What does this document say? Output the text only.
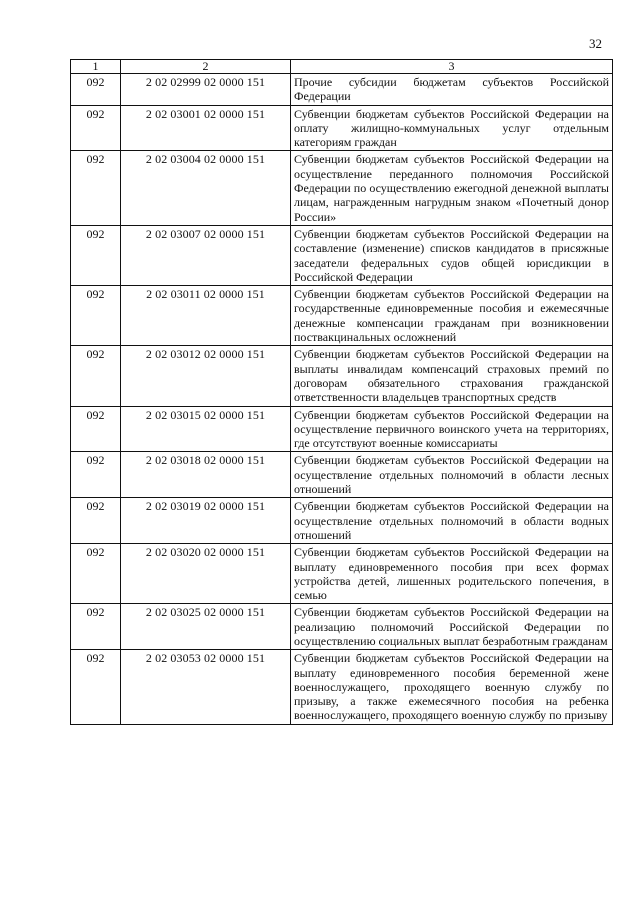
32
1	2	3
092	2 02 02999 02 0000 151	Прочие субсидии бюджетам субъектов Российской Федерации
092	2 02 03001 02 0000 151	Субвенции бюджетам субъектов Российской Федерации на оплату жилищно-коммунальных услуг отдельным категориям граждан
092	2 02 03004 02 0000 151	Субвенции бюджетам субъектов Российской Федерации на осуществление переданного полномочия Российской Федерации по осуществлению ежегодной денежной выплаты лицам, награжденным нагрудным знаком «Почетный донор России»
092	2 02 03007 02 0000 151	Субвенции бюджетам субъектов Российской Федерации на составление (изменение) списков кандидатов в присяжные заседатели федеральных судов общей юрисдикции в Российской Федерации
092	2 02 03011 02 0000 151	Субвенции бюджетам субъектов Российской Федерации на государственные единовременные пособия и ежемесячные денежные компенсации гражданам при возникновении поствакцинальных осложнений
092	2 02 03012 02 0000 151	Субвенции бюджетам субъектов Российской Федерации на выплаты инвалидам компенсаций страховых премий по договорам обязательного страхования гражданской ответственности владельцев транспортных средств
092	2 02 03015 02 0000 151	Субвенции бюджетам субъектов Российской Федерации на осуществление первичного воинского учета на территориях, где отсутствуют военные комиссариаты
092	2 02 03018 02 0000 151	Субвенции бюджетам субъектов Российской Федерации на осуществление отдельных полномочий в области лесных отношений
092	2 02 03019 02 0000 151	Субвенции бюджетам субъектов Российской Федерации на осуществление отдельных полномочий в области водных отношений
092	2 02 03020 02 0000 151	Субвенции бюджетам субъектов Российской Федерации на выплату единовременного пособия при всех формах устройства детей, лишенных родительского попечения, в семью
092	2 02 03025 02 0000 151	Субвенции бюджетам субъектов Российской Федерации на реализацию полномочий Российской Федерации по осуществлению социальных выплат безработным гражданам
092	2 02 03053 02 0000 151	Субвенции бюджетам субъектов Российской Федерации на выплату единовременного пособия беременной жене военнослужащего, проходящего военную службу по призыву, а также ежемесячного пособия на ребенка военнослужащего, проходящего военную службу по призыву
